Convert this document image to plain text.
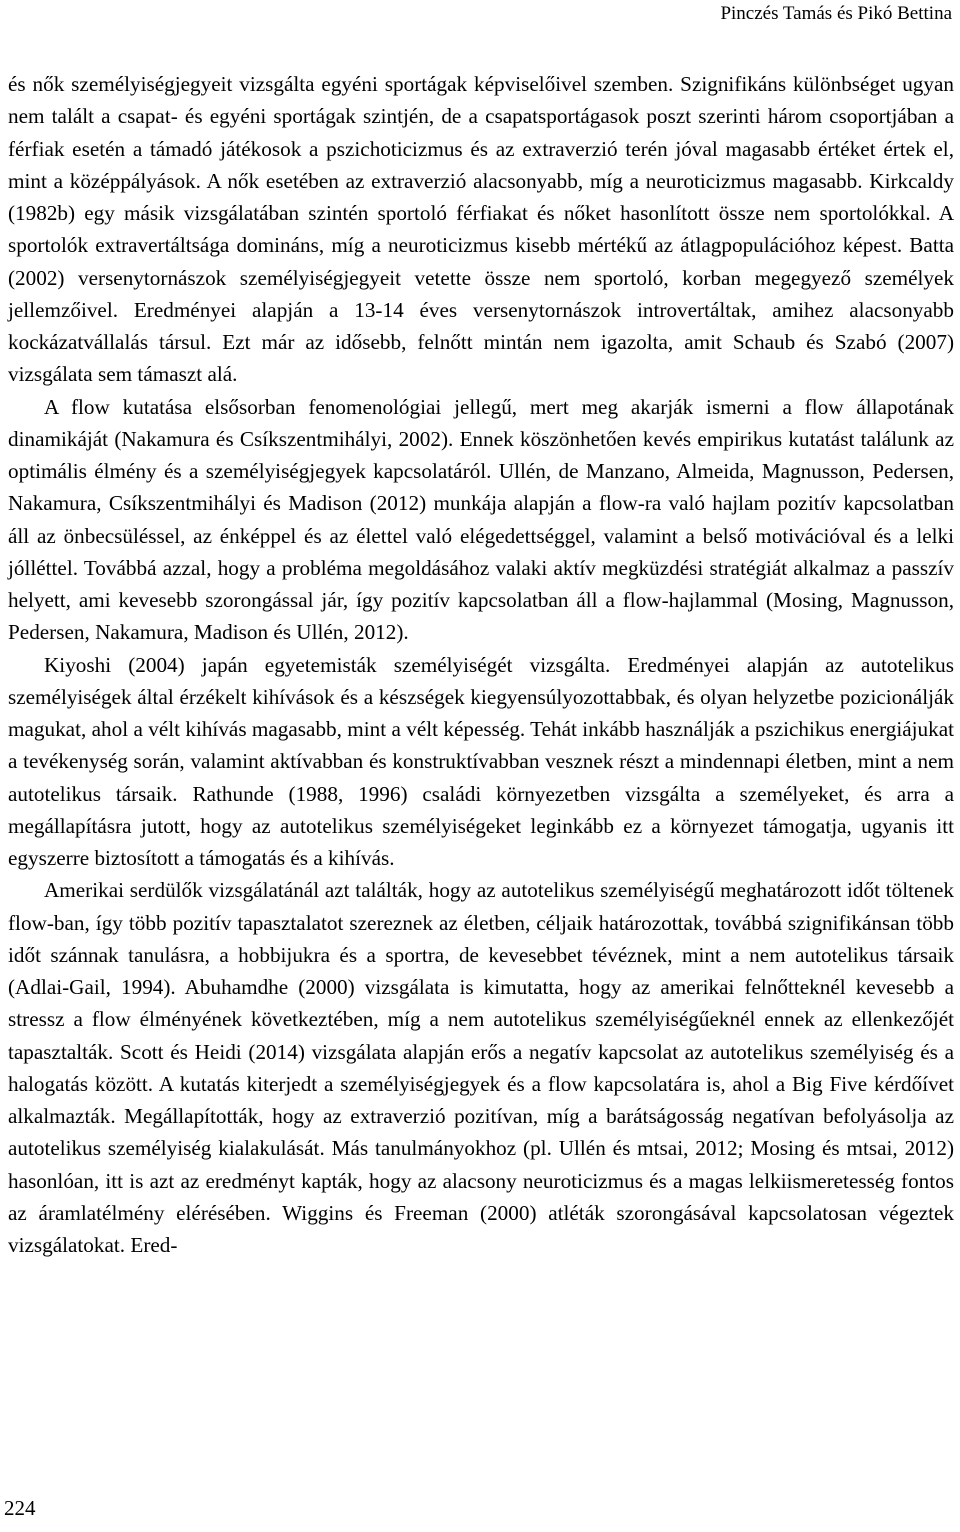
Pinczés Tamás és Pikó Bettina

és nők személyiségjegyeit vizsgálta egyéni sportágak képviselőivel szemben. Szignifikáns különbséget ugyan nem talált a csapat- és egyéni sportágak szintjén, de a csapatsportágasok poszt szerinti három csoportjában a férfiak esetén a támadó játékosok a pszichoticizmus és az extraverzió terén jóval magasabb értéket értek el, mint a középpályások. A nők esetében az extraverzió alacsonyabb, míg a neuroticizmus magasabb. Kirkcaldy (1982b) egy másik vizsgálatában szintén sportoló férfiakat és nőket hasonlított össze nem sportolókkal. A sportolók extravertáltsága domináns, míg a neuroticizmus kisebb mértékű az átlagpopulációhoz képest. Batta (2002) versenytornászok személyiségjegyeit vetette össze nem sportoló, korban megegyező személyek jellemzőivel. Eredményei alapján a 13-14 éves versenytornászok introvertáltak, amihez alacsonyabb kockázatvállalás társul. Ezt már az idősebb, felnőtt mintán nem igazolta, amit Schaub és Szabó (2007) vizsgálata sem támaszt alá.

A flow kutatása elsősorban fenomenológiai jellegű, mert meg akarják ismerni a flow állapotának dinamikáját (Nakamura és Csíkszentmihályi, 2002). Ennek köszönhetően kevés empirikus kutatást találunk az optimális élmény és a személyiségjegyek kapcsolatáról. Ullén, de Manzano, Almeida, Magnusson, Pedersen, Nakamura, Csíkszentmihályi és Madison (2012) munkája alapján a flow-ra való hajlam pozitív kapcsolatban áll az önbecsüléssel, az énképpel és az élettel való elégedettséggel, valamint a belső motivációval és a lelki jólléttel. Továbbá azzal, hogy a probléma megoldásához valaki aktív megküzdési stratégiát alkalmaz a passzív helyett, ami kevesebb szorongással jár, így pozitív kapcsolatban áll a flow-hajlammal (Mosing, Magnusson, Pedersen, Nakamura, Madison és Ullén, 2012).

Kiyoshi (2004) japán egyetemisták személyiségét vizsgálta. Eredményei alapján az autotelikus személyiségek által érzékelt kihívások és a készségek kiegyensúlyozottabbak, és olyan helyzetbe pozicionálják magukat, ahol a vélt kihívás magasabb, mint a vélt képesség. Tehát inkább használják a pszichikus energiájukat a tevékenység során, valamint aktívabban és konstruktívabban vesznek részt a mindennapi életben, mint a nem autotelikus társaik. Rathunde (1988, 1996) családi környezetben vizsgálta a személyeket, és arra a megállapításra jutott, hogy az autotelikus személyiségeket leginkább ez a környezet támogatja, ugyanis itt egyszerre biztosított a támogatás és a kihívás.

Amerikai serdülők vizsgálatánál azt találták, hogy az autotelikus személyiségű meghatározott időt töltenek flow-ban, így több pozitív tapasztalatot szereznek az életben, céljaik határozottak, továbbá szignifikánsan több időt szánnak tanulásra, a hobbijukra és a sportra, de kevesebbet tévéznek, mint a nem autotelikus társaik (Adlai-Gail, 1994). Abuhamdhe (2000) vizsgálata is kimutatta, hogy az amerikai felnőtteknél kevesebb a stressz a flow élményének következtében, míg a nem autotelikus személyiségűeknél ennek az ellenkezőjét tapasztalták. Scott és Heidi (2014) vizsgálata alapján erős a negatív kapcsolat az autotelikus személyiség és a halogatás között. A kutatás kiterjedt a személyiségjegyek és a flow kapcsolatára is, ahol a Big Five kérdőívet alkalmazták. Megállapították, hogy az extraverzió pozitívan, míg a barátságosság negatívan befolyásolja az autotelikus személyiség kialakulását. Más tanulmányokhoz (pl. Ullén és mtsai, 2012; Mosing és mtsai, 2012) hasonlóan, itt is azt az eredményt kapták, hogy az alacsony neuroticizmus és a magas lelkiismeretesség fontos az áramlatélmény elérésében. Wiggins és Freeman (2000) atléták szorongásával kapcsolatosan végeztek vizsgálatokat. Ered-

224
